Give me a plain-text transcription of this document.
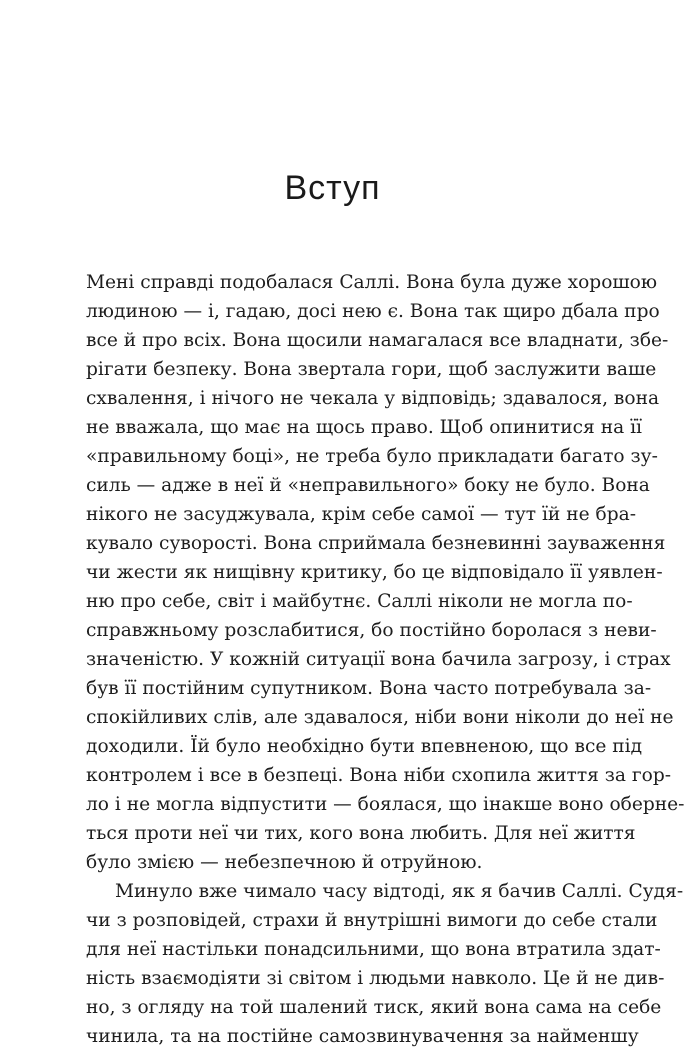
Вступ
Мені справді подобалася Саллі. Вона була дуже хорошою
людиною — і, гадаю, досі нею є. Вона так щиро дбала про
все й про всіх. Вона щосили намагалася все владнати, збе-
рігати безпеку. Вона звертала гори, щоб заслужити ваше
схвалення, і нічого не чекала у відповідь; здавалося, вона
не вважала, що має на щось право. Щоб опинитися на її
«правильному боці», не треба було прикладати багато зу-
силь — адже в неї й «неправильного» боку не було. Вона
нікого не засуджувала, крім себе самої — тут їй не бра-
кувало суворості. Вона сприймала безневинні зауваження
чи жести як нищівну критику, бо це відповідало її уявлен-
ню про себе, світ і майбутнє. Саллі ніколи не могла по-
справжньому розслабитися, бо постійно боролася з неви-
значеністю. У кожній ситуації вона бачила загрозу, і страх
був її постійним супутником. Вона часто потребувала за-
спокійливих слів, але здавалося, ніби вони ніколи до неї не
доходили. Їй було необхідно бути впевненою, що все під
контролем і все в безпеці. Вона ніби схопила життя за гор-
ло і не могла відпустити — боялася, що інакше воно оберне-
ться проти неї чи тих, кого вона любить. Для неї життя
було змією — небезпечною й отруйною.
Минуло вже чимало часу відтоді, як я бачив Саллі. Судя-
чи з розповідей, страхи й внутрішні вимоги до себе стали
для неї настільки понадсильними, що вона втратила здат-
ність взаємодіяти зі світом і людьми навколо. Це й не див-
но, з огляду на той шалений тиск, який вона сама на себе
чинила, та на постійне самозвинувачення за найменшу
